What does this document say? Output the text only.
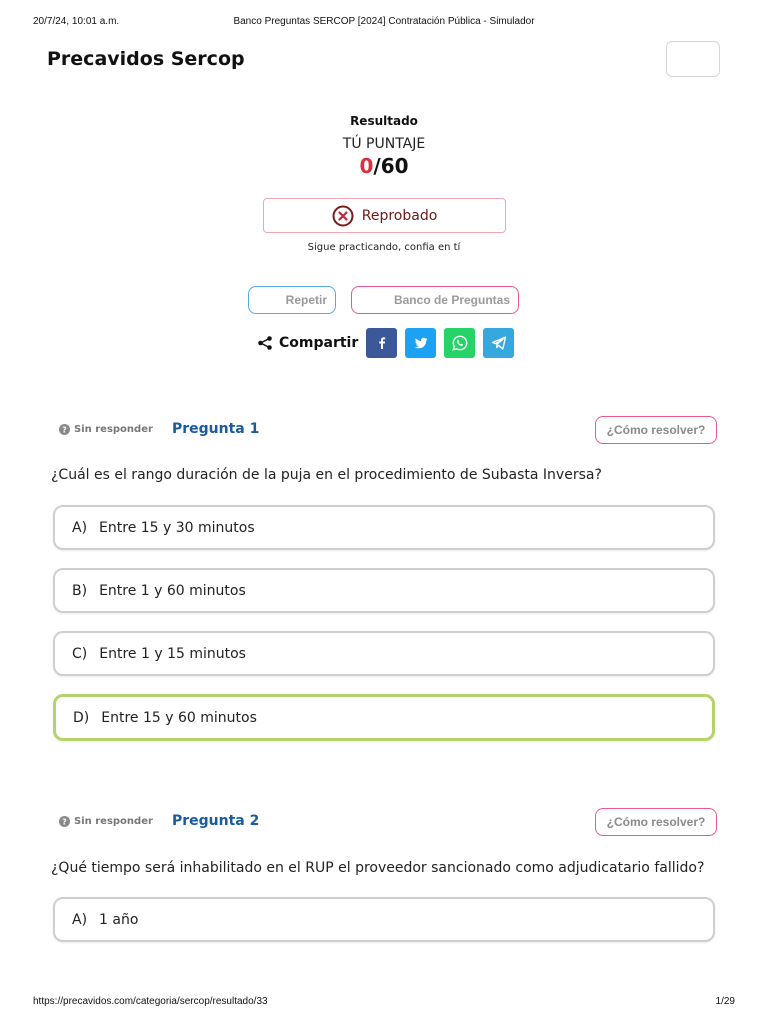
20/7/24, 10:01 a.m.	Banco Preguntas SERCOP [2024] Contratación Pública - Simulador
Precavidos Sercop
Resultado
TÚ PUNTAJE
0/60
Reprobado
Sigue practicando, confia en tí
Repetir	Banco de Preguntas
Compartir
? Sin responder Pregunta 1	¿Cómo resolver?
¿Cuál es el rango duración de la puja en el procedimiento de Subasta Inversa?
A) Entre 15 y 30 minutos
B) Entre 1 y 60 minutos
C) Entre 1 y 15 minutos
D) Entre 15 y 60 minutos
? Sin responder Pregunta 2	¿Cómo resolver?
¿Qué tiempo será inhabilitado en el RUP el proveedor sancionado como adjudicatario fallido?
A) 1 año
https://precavidos.com/categoria/sercop/resultado/33	1/29
